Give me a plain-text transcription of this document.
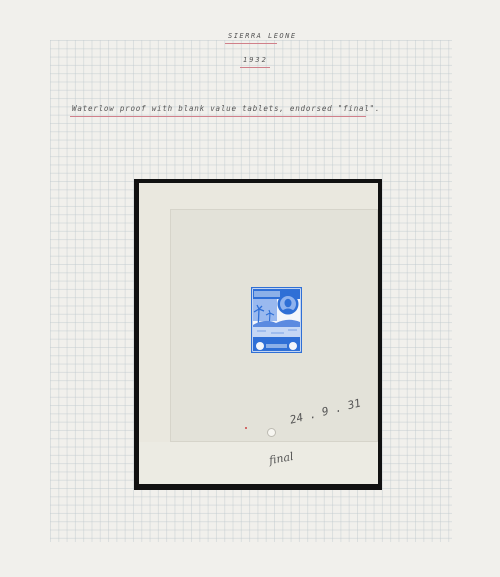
SIERRA LEONE
1932
Waterlow proof with blank value tablets, endorsed "final".
24 . 9 . 31
final
